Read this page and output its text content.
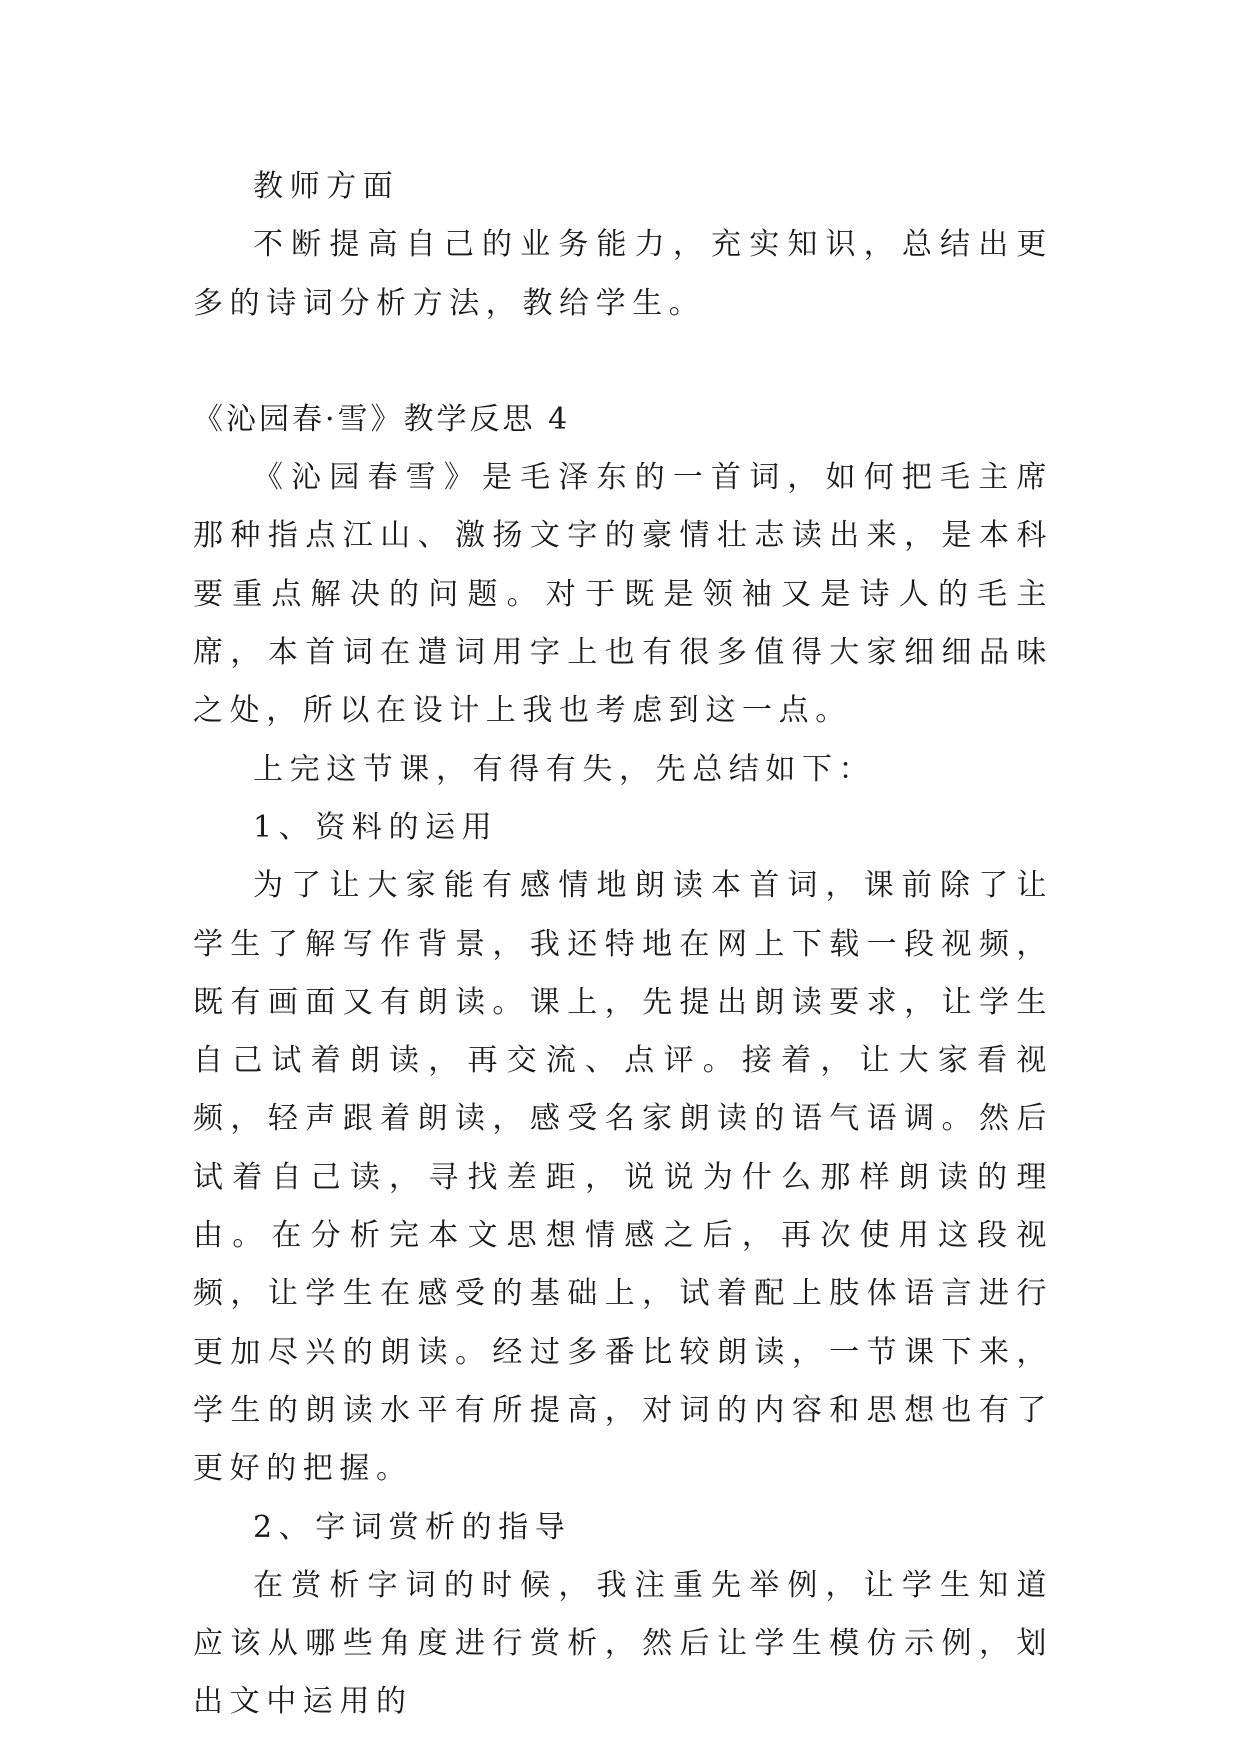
教师方面

不断提高自己的业务能力，充实知识，总结出更多的诗词分析方法，教给学生。

《沁园春·雪》教学反思 4

《沁园春雪》是毛泽东的一首词，如何把毛主席那种指点江山、激扬文字的豪情壮志读出来，是本科要重点解决的问题。对于既是领袖又是诗人的毛主席，本首词在遣词用字上也有很多值得大家细细品味之处，所以在设计上我也考虑到这一点。

上完这节课，有得有失，先总结如下：

1、资料的运用

为了让大家能有感情地朗读本首词，课前除了让学生了解写作背景，我还特地在网上下载一段视频，既有画面又有朗读。课上，先提出朗读要求，让学生自己试着朗读，再交流、点评。接着，让大家看视频，轻声跟着朗读，感受名家朗读的语气语调。然后试着自己读，寻找差距，说说为什么那样朗读的理由。在分析完本文思想情感之后，再次使用这段视频，让学生在感受的基础上，试着配上肢体语言进行更加尽兴的朗读。经过多番比较朗读，一节课下来，学生的朗读水平有所提高，对词的内容和思想也有了更好的把握。

2、字词赏析的指导

在赏析字词的时候，我注重先举例，让学生知道应该从哪些角度进行赏析，然后让学生模仿示例，划出文中运用的
